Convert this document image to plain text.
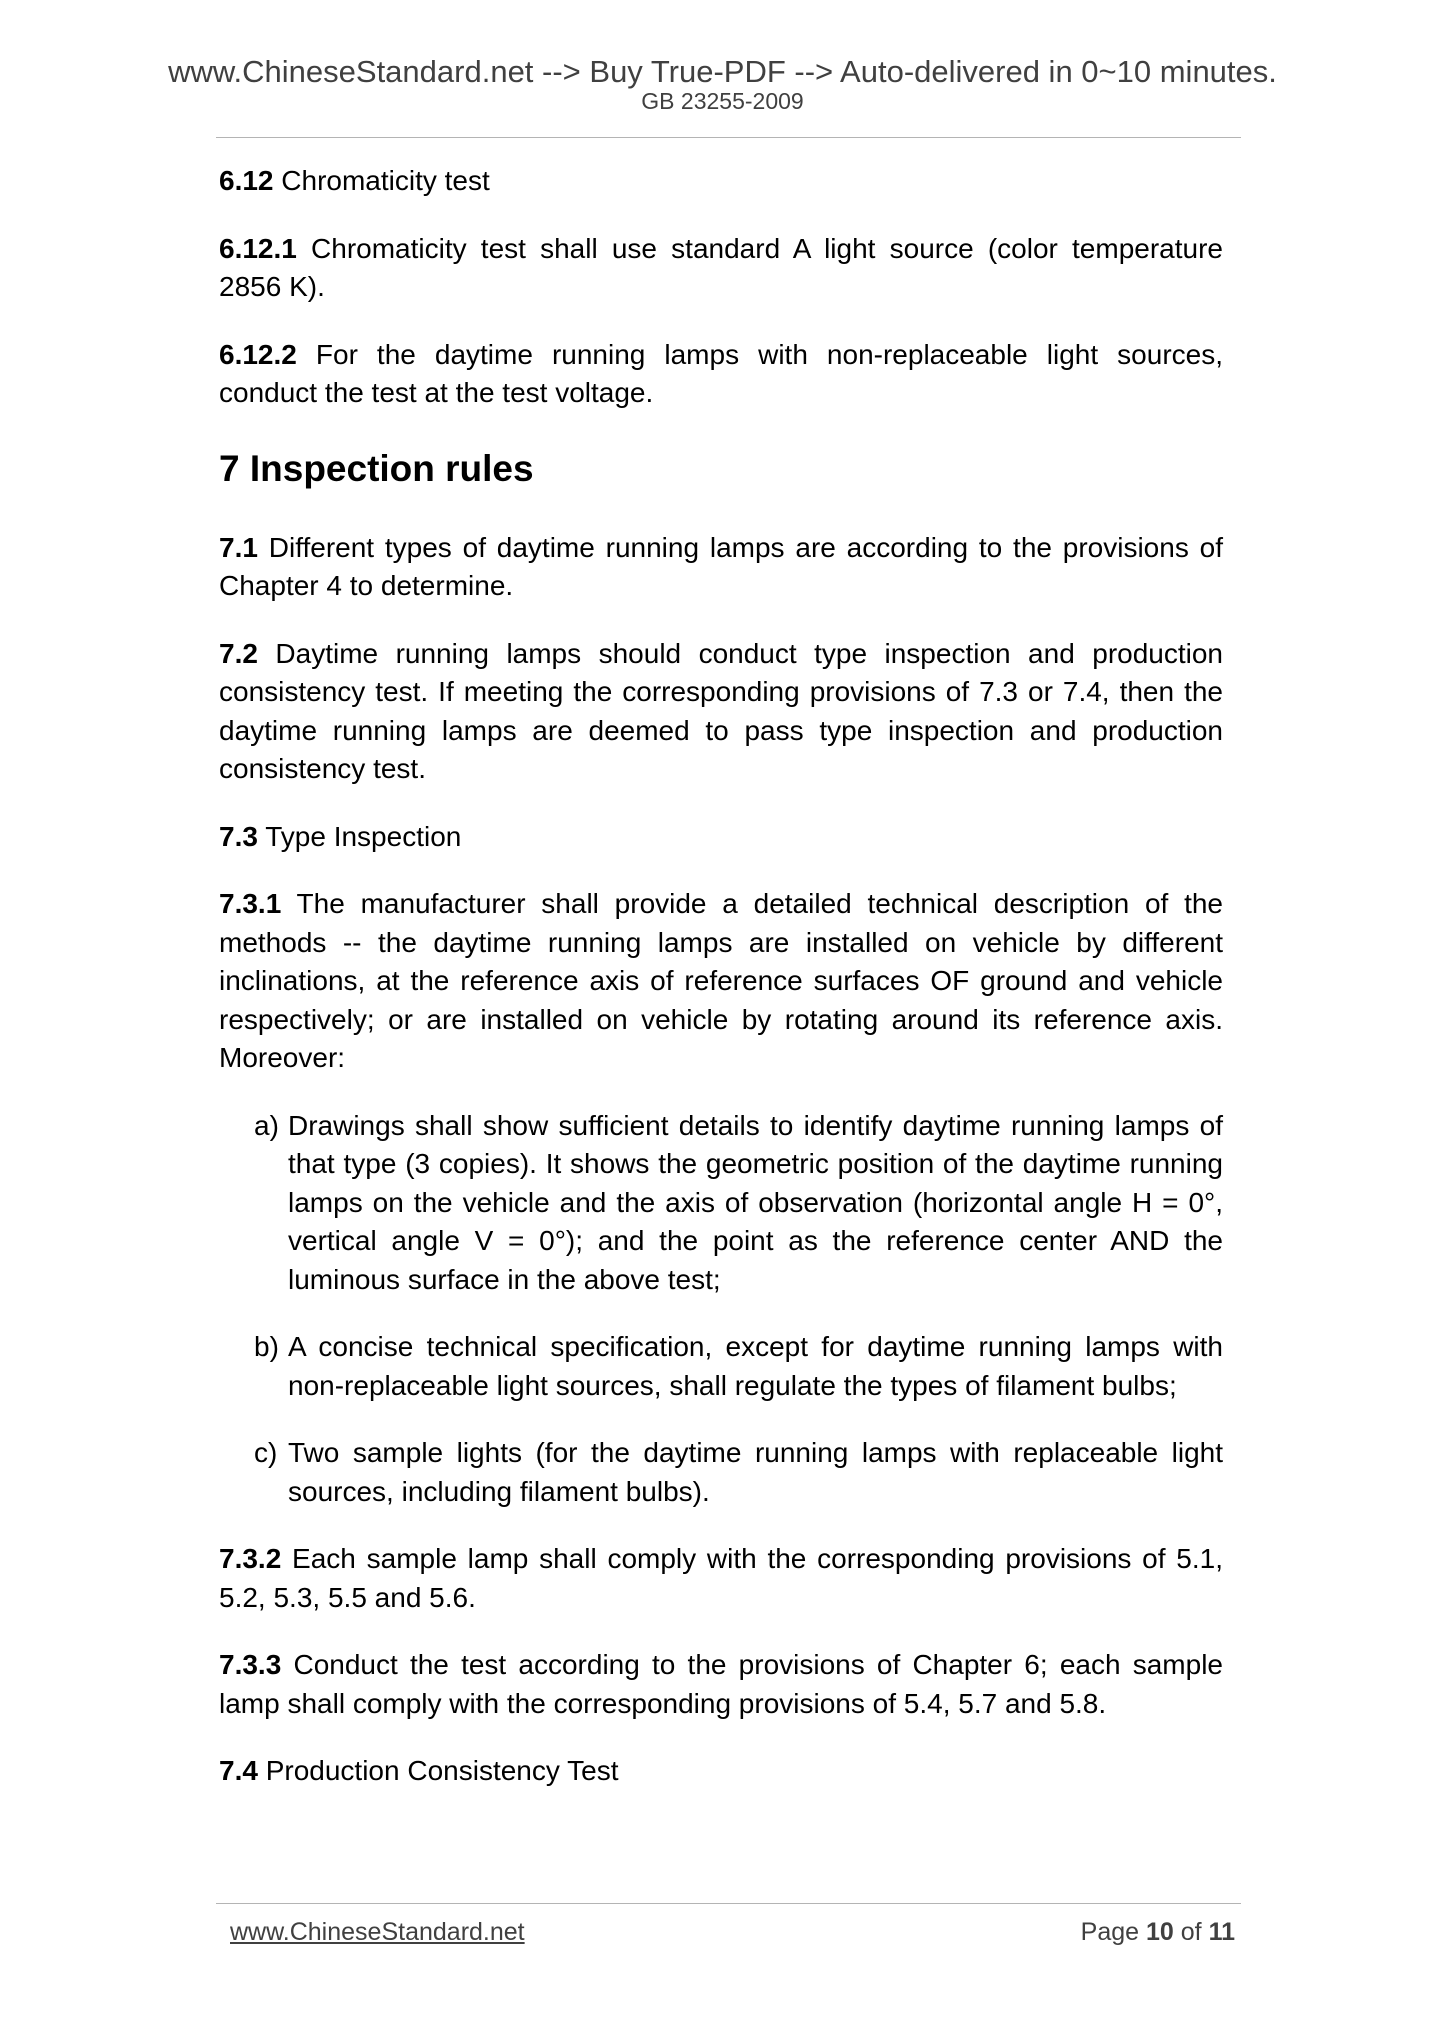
www.ChineseStandard.net --> Buy True-PDF --> Auto-delivered in 0~10 minutes.
GB 23255-2009

6.12 Chromaticity test

6.12.1 Chromaticity test shall use standard A light source (color temperature 2856 K).

6.12.2 For the daytime running lamps with non-replaceable light sources, conduct the test at the test voltage.

7 Inspection rules

7.1 Different types of daytime running lamps are according to the provisions of Chapter 4 to determine.

7.2 Daytime running lamps should conduct type inspection and production consistency test. If meeting the corresponding provisions of 7.3 or 7.4, then the daytime running lamps are deemed to pass type inspection and production consistency test.

7.3 Type Inspection

7.3.1 The manufacturer shall provide a detailed technical description of the methods -- the daytime running lamps are installed on vehicle by different inclinations, at the reference axis of reference surfaces OF ground and vehicle respectively; or are installed on vehicle by rotating around its reference axis. Moreover:

a) Drawings shall show sufficient details to identify daytime running lamps of that type (3 copies). It shows the geometric position of the daytime running lamps on the vehicle and the axis of observation (horizontal angle H = 0°, vertical angle V = 0°); and the point as the reference center AND the luminous surface in the above test;

b) A concise technical specification, except for daytime running lamps with non-replaceable light sources, shall regulate the types of filament bulbs;

c) Two sample lights (for the daytime running lamps with replaceable light sources, including filament bulbs).

7.3.2 Each sample lamp shall comply with the corresponding provisions of 5.1, 5.2, 5.3, 5.5 and 5.6.

7.3.3 Conduct the test according to the provisions of Chapter 6; each sample lamp shall comply with the corresponding provisions of 5.4, 5.7 and 5.8.

7.4 Production Consistency Test

www.ChineseStandard.net	Page 10 of 11
